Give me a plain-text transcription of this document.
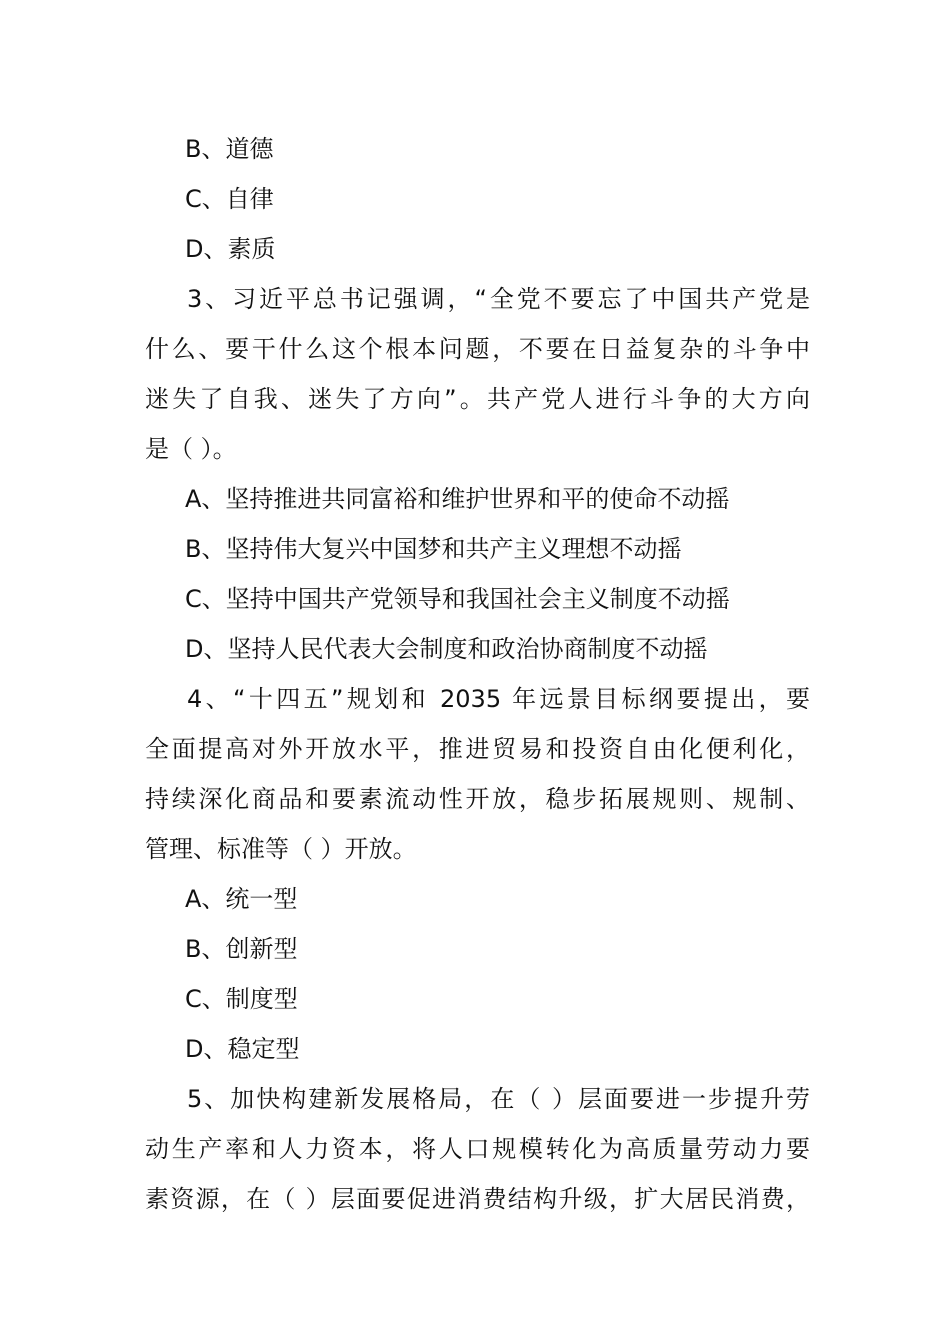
B、道德
C、自律
D、素质
3、习近平总书记强调，“全党不要忘了中国共产党是
什么、要干什么这个根本问题，不要在日益复杂的斗争中
迷失了自我、迷失了方向”。共产党人进行斗争的大方向
是（ ）。
A、坚持推进共同富裕和维护世界和平的使命不动摇
B、坚持伟大复兴中国梦和共产主义理想不动摇
C、坚持中国共产党领导和我国社会主义制度不动摇
D、坚持人民代表大会制度和政治协商制度不动摇
4、“十四五”规划和 2035 年远景目标纲要提出，要
全面提高对外开放水平，推进贸易和投资自由化便利化，
持续深化商品和要素流动性开放，稳步拓展规则、规制、
管理、标准等（ ）开放。
A、统一型
B、创新型
C、制度型
D、稳定型
5、加快构建新发展格局，在（ ）层面要进一步提升劳
动生产率和人力资本，将人口规模转化为高质量劳动力要
素资源，在（ ）层面要促进消费结构升级，扩大居民消费，
